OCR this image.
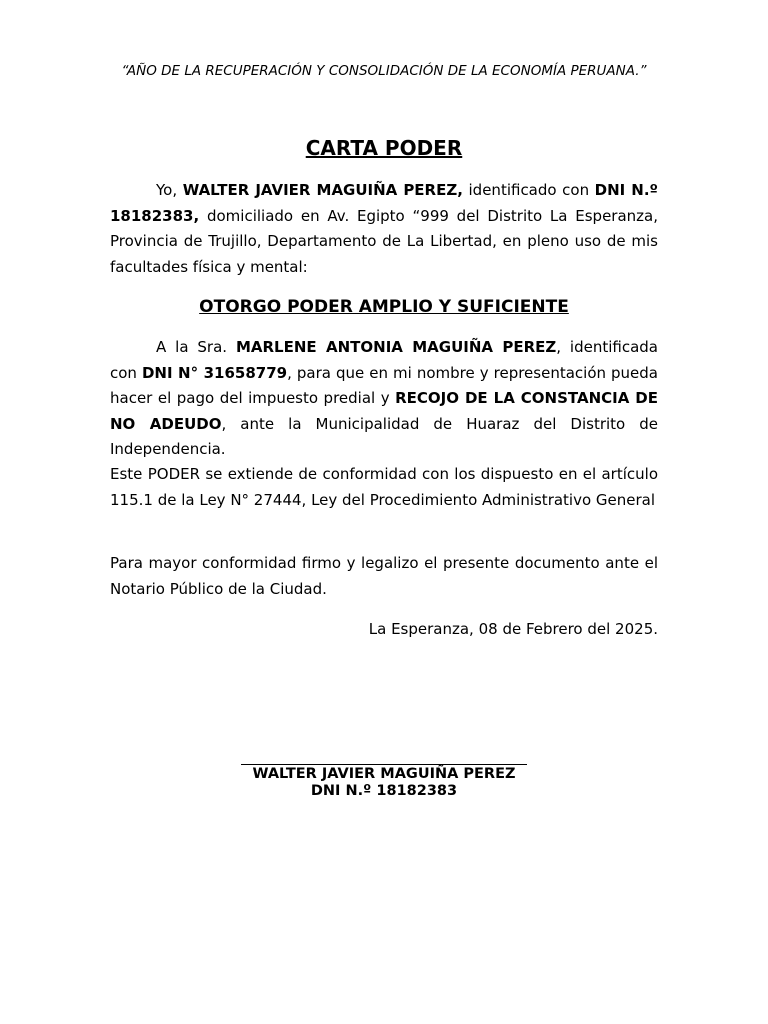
“AÑO DE LA RECUPERACIÓN Y CONSOLIDACIÓN DE LA ECONOMÍA PERUANA.”
CARTA PODER

Yo, WALTER JAVIER MAGUIÑA PEREZ, identificado con DNI N.º 18182383, domiciliado en Av. Egipto “999 del Distrito La Esperanza, Provincia de Trujillo, Departamento de La Libertad, en pleno uso de mis facultades física y mental:

OTORGO PODER AMPLIO Y SUFICIENTE

A la Sra. MARLENE ANTONIA MAGUIÑA PEREZ, identificada con DNI N° 31658779, para que en mi nombre y representación pueda hacer el pago del impuesto predial y RECOJO DE LA CONSTANCIA DE NO ADEUDO, ante la Municipalidad de Huaraz del Distrito de Independencia.

Este PODER se extiende de conformidad con los dispuesto en el artículo 115.1 de la Ley N° 27444, Ley del Procedimiento Administrativo General

Para mayor conformidad firmo y legalizo el presente documento ante el Notario Público de la Ciudad.

La Esperanza, 08 de Febrero del 2025.
WALTER JAVIER MAGUIÑA PEREZ
DNI N.º 18182383
